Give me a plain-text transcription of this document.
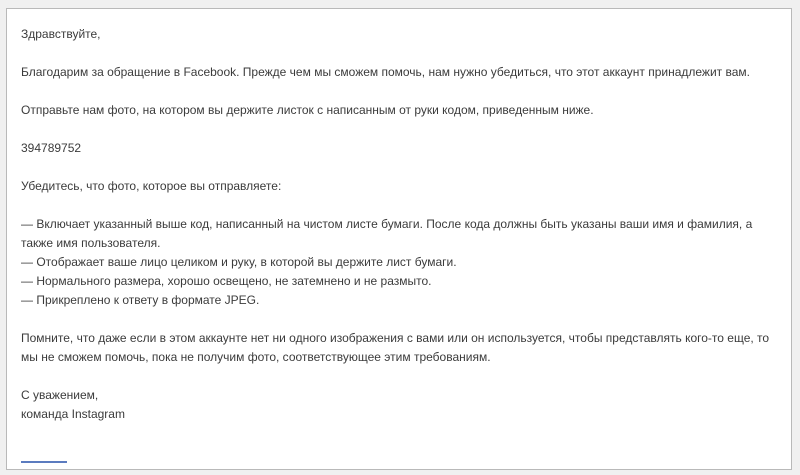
Здравствуйте,

Благодарим за обращение в Facebook. Прежде чем мы сможем помочь, нам нужно убедиться, что этот аккаунт принадлежит вам.

Отправьте нам фото, на котором вы держите листок с написанным от руки кодом, приведенным ниже.

394789752

Убедитесь, что фото, которое вы отправляете:

— Включает указанный выше код, написанный на чистом листе бумаги. После кода должны быть указаны ваши имя и фамилия, а также имя пользователя.
— Отображает ваше лицо целиком и руку, в которой вы держите лист бумаги.
— Нормального размера, хорошо освещено, не затемнено и не размыто.
— Прикреплено к ответу в формате JPEG.

Помните, что даже если в этом аккаунте нет ни одного изображения с вами или он используется, чтобы представлять кого-то еще, то мы не сможем помочь, пока не получим фото, соответствующее этим требованиям.

С уважением,

команда Instagram
